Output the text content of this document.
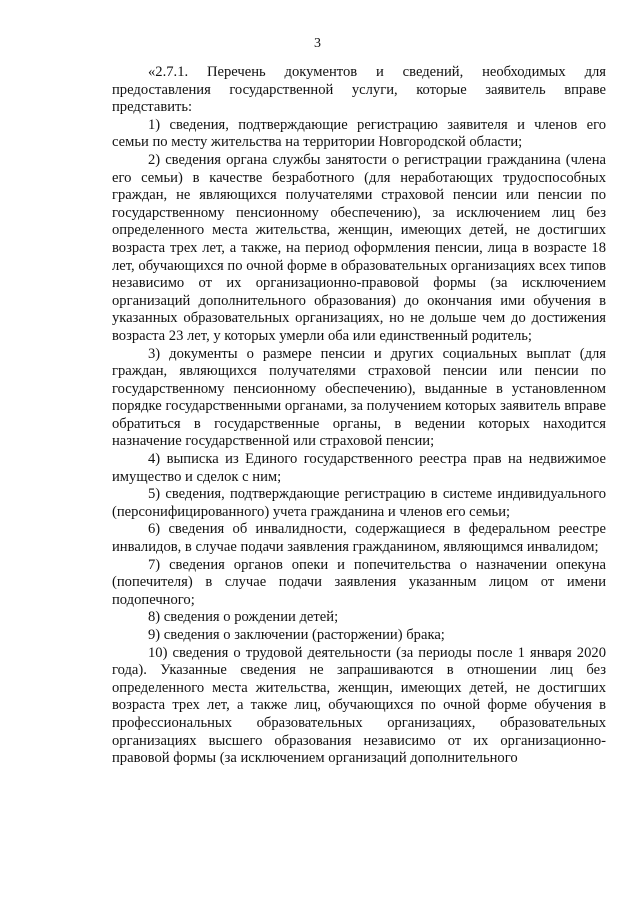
3

«2.7.1. Перечень документов и сведений, необходимых для предоставления государственной услуги, которые заявитель вправе представить:

1) сведения, подтверждающие регистрацию заявителя и членов его семьи по месту жительства на территории Новгородской области;

2) сведения органа службы занятости о регистрации гражданина (члена его семьи) в качестве безработного (для неработающих трудоспособных граждан, не являющихся получателями страховой пенсии или пенсии по государственному пенсионному обеспечению), за исключением лиц без определенного места жительства, женщин, имеющих детей, не достигших возраста трех лет, а также, на период оформления пенсии, лица в возрасте 18 лет, обучающихся по очной форме в образовательных организациях всех типов независимо от их организационно-правовой формы (за исключением организаций дополнительного образования) до окончания ими обучения в указанных образовательных организациях, но не дольше чем до достижения возраста 23 лет, у которых умерли оба или единственный родитель;

3) документы о размере пенсии и других социальных выплат (для граждан, являющихся получателями страховой пенсии или пенсии по государственному пенсионному обеспечению), выданные в установленном порядке государственными органами, за получением которых заявитель вправе обратиться в государственные органы, в ведении которых находится назначение государственной или страховой пенсии;

4) выписка из Единого государственного реестра прав на недвижимое имущество и сделок с ним;

5) сведения, подтверждающие регистрацию в системе индивидуального (персонифицированного) учета гражданина и членов его семьи;

6) сведения об инвалидности, содержащиеся в федеральном реестре инвалидов, в случае подачи заявления гражданином, являющимся инвалидом;

7) сведения органов опеки и попечительства о назначении опекуна (попечителя) в случае подачи заявления указанным лицом от имени подопечного;

8) сведения о рождении детей;

9) сведения о заключении (расторжении) брака;

10) сведения о трудовой деятельности (за периоды после 1 января 2020 года). Указанные сведения не запрашиваются в отношении лиц без определенного места жительства, женщин, имеющих детей, не достигших возраста трех лет, а также лиц, обучающихся по очной форме обучения в профессиональных образовательных организациях, образовательных организациях высшего образования независимо от их организационно-правовой формы (за исключением организаций дополнительного
